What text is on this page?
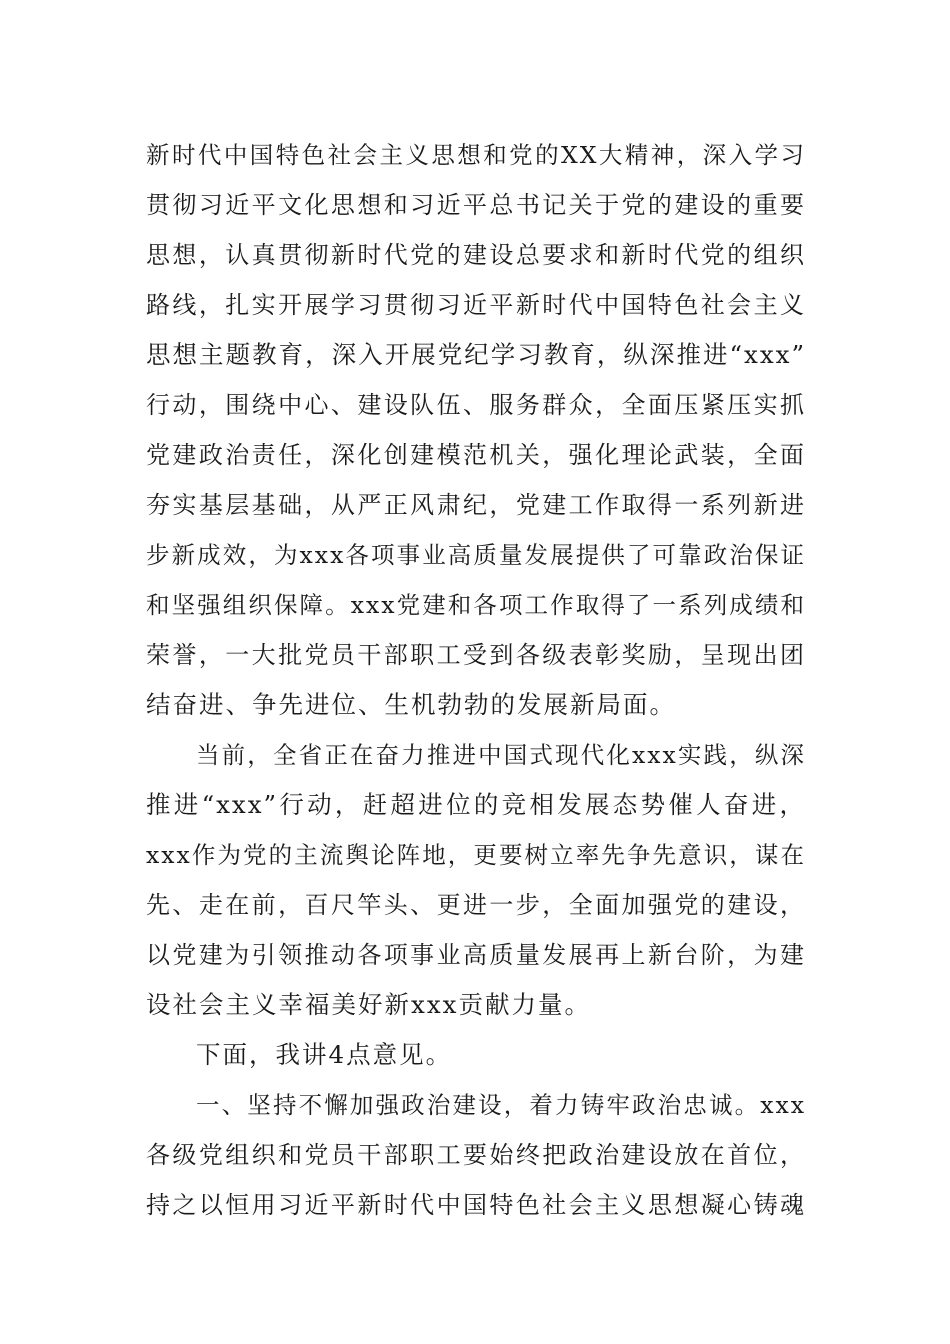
新时代中国特色社会主义思想和党的XX大精神，深入学习
贯彻习近平文化思想和习近平总书记关于党的建设的重要
思想，认真贯彻新时代党的建设总要求和新时代党的组织
路线，扎实开展学习贯彻习近平新时代中国特色社会主义
思想主题教育，深入开展党纪学习教育，纵深推进“xxx”
行动，围绕中心、建设队伍、服务群众，全面压紧压实抓
党建政治责任，深化创建模范机关，强化理论武装，全面
夯实基层基础，从严正风肃纪，党建工作取得一系列新进
步新成效，为xxx各项事业高质量发展提供了可靠政治保证
和坚强组织保障。xxx党建和各项工作取得了一系列成绩和
荣誉，一大批党员干部职工受到各级表彰奖励，呈现出团
结奋进、争先进位、生机勃勃的发展新局面。
当前，全省正在奋力推进中国式现代化xxx实践，纵深
推进“xxx”行动，赶超进位的竞相发展态势催人奋进，
xxx作为党的主流舆论阵地，更要树立率先争先意识，谋在
先、走在前，百尺竿头、更进一步，全面加强党的建设，
以党建为引领推动各项事业高质量发展再上新台阶，为建
设社会主义幸福美好新xxx贡献力量。
下面，我讲4点意见。
一、坚持不懈加强政治建设，着力铸牢政治忠诚。xxx
各级党组织和党员干部职工要始终把政治建设放在首位，
持之以恒用习近平新时代中国特色社会主义思想凝心铸魂
